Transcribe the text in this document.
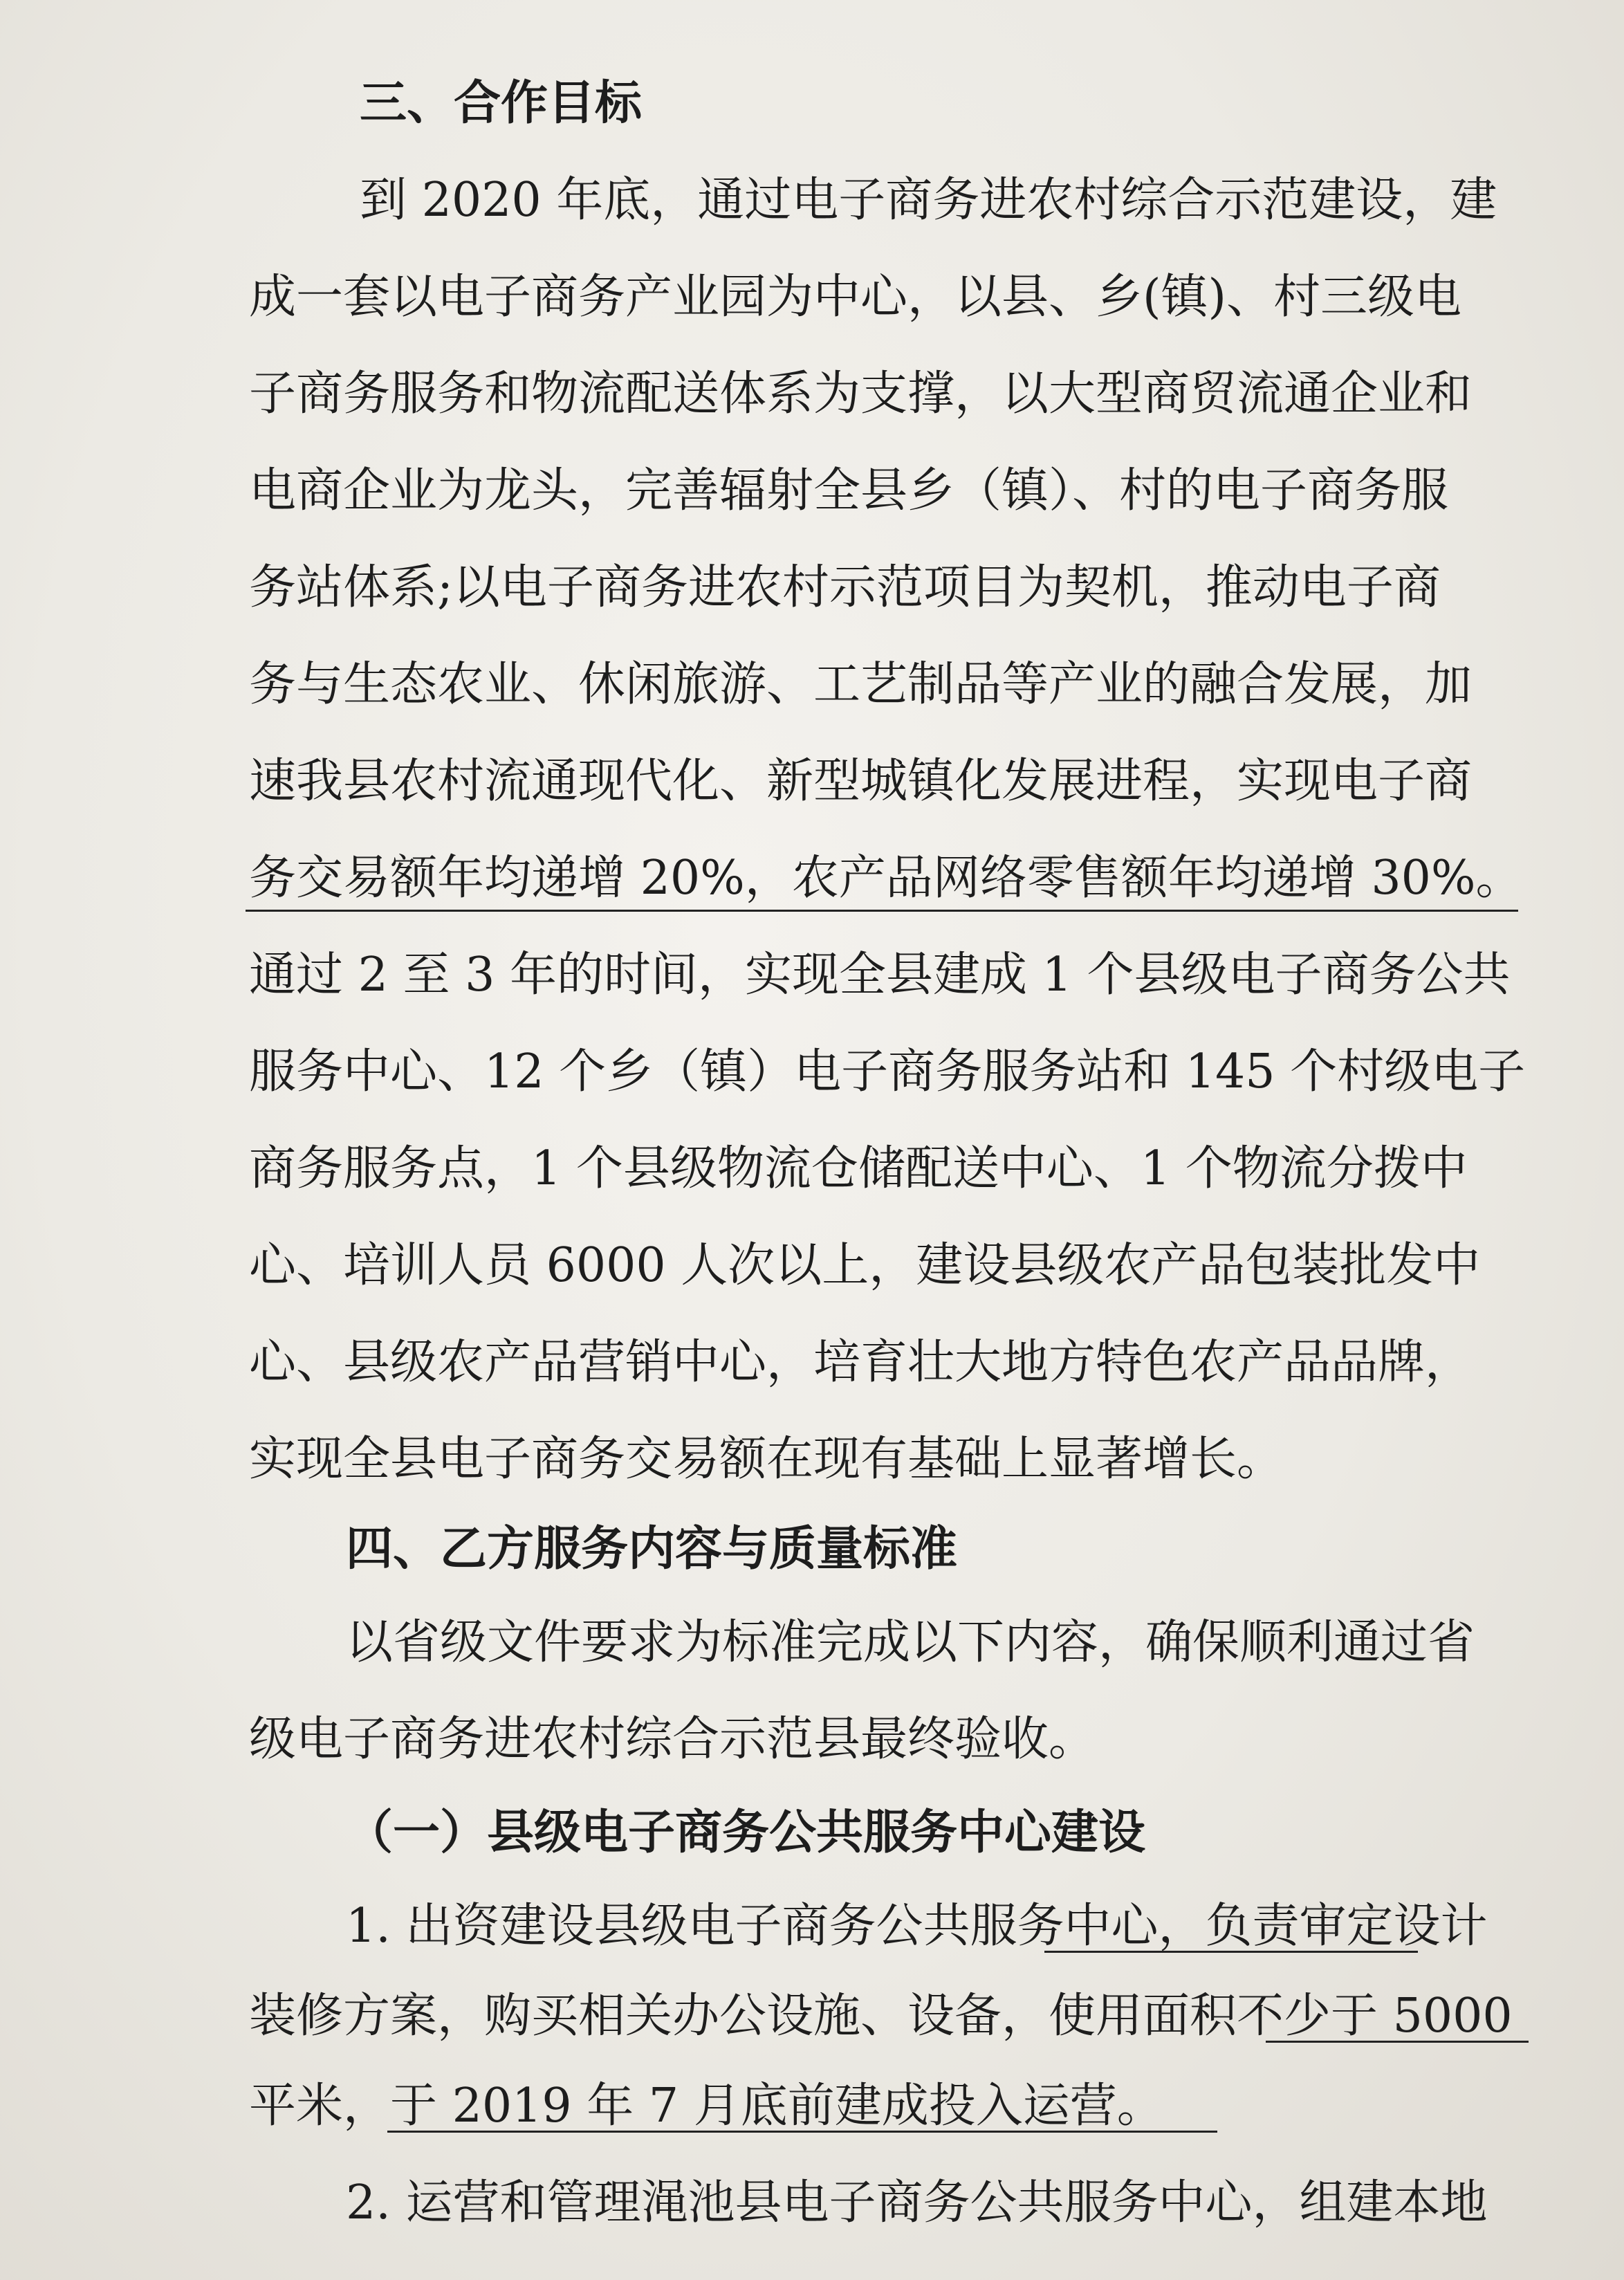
三、合作目标
到 2020 年底，通过电子商务进农村综合示范建设，建
成一套以电子商务产业园为中心，以县、乡(镇)、村三级电
子商务服务和物流配送体系为支撑，以大型商贸流通企业和
电商企业为龙头，完善辐射全县乡（镇）、村的电子商务服
务站体系;以电子商务进农村示范项目为契机，推动电子商
务与生态农业、休闲旅游、工艺制品等产业的融合发展，加
速我县农村流通现代化、新型城镇化发展进程，实现电子商
务交易额年均递增 20%，农产品网络零售额年均递增 30%。
通过 2 至 3 年的时间，实现全县建成 1 个县级电子商务公共
服务中心、12 个乡（镇）电子商务服务站和 145 个村级电子
商务服务点，1 个县级物流仓储配送中心、1 个物流分拨中
心、培训人员 6000 人次以上，建设县级农产品包装批发中
心、县级农产品营销中心，培育壮大地方特色农产品品牌，
实现全县电子商务交易额在现有基础上显著增长。
四、乙方服务内容与质量标准
以省级文件要求为标准完成以下内容，确保顺利通过省
级电子商务进农村综合示范县最终验收。
（一）县级电子商务公共服务中心建设
1. 出资建设县级电子商务公共服务中心，负责审定设计
装修方案，购买相关办公设施、设备，使用面积不少于 5000
平米，于 2019 年 7 月底前建成投入运营。
2. 运营和管理渑池县电子商务公共服务中心，组建本地
